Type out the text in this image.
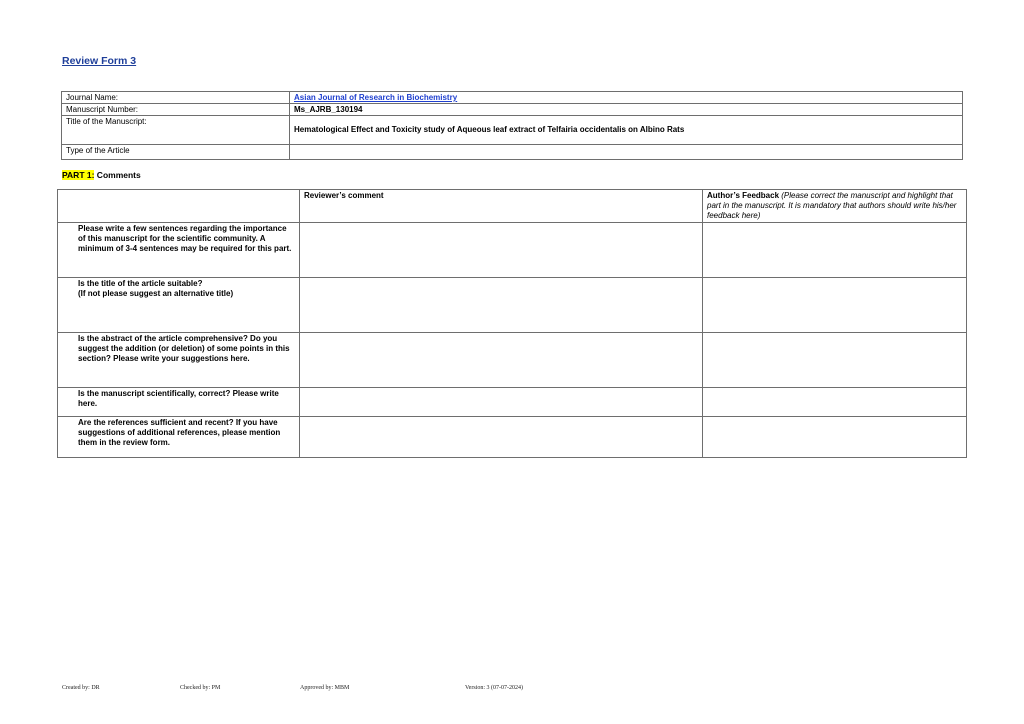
Review Form 3
Journal Name:	Asian Journal of Research in Biochemistry
Manuscript Number:	Ms_AJRB_130194
Title of the Manuscript:	Hematological Effect and Toxicity study of Aqueous leaf extract of Telfairia occidentalis on Albino Rats
Type of the Article	
PART 1: Comments
	Reviewer’s comment	Author’s Feedback (Please correct the manuscript and highlight that part in the manuscript. It is mandatory that authors should write his/her feedback here)
Please write a few sentences regarding the importance of this manuscript for the scientific community. A minimum of 3-4 sentences may be required for this part.		
Is the title of the article suitable?
(If not please suggest an alternative title)		
Is the abstract of the article comprehensive? Do you suggest the addition (or deletion) of some points in this section? Please write your suggestions here.		
Is the manuscript scientifically, correct? Please write here.		
Are the references sufficient and recent? If you have suggestions of additional references, please mention them in the review form.		
Created by: DR	Checked by: PM	Approved by: MBM	Version: 3 (07-07-2024)
